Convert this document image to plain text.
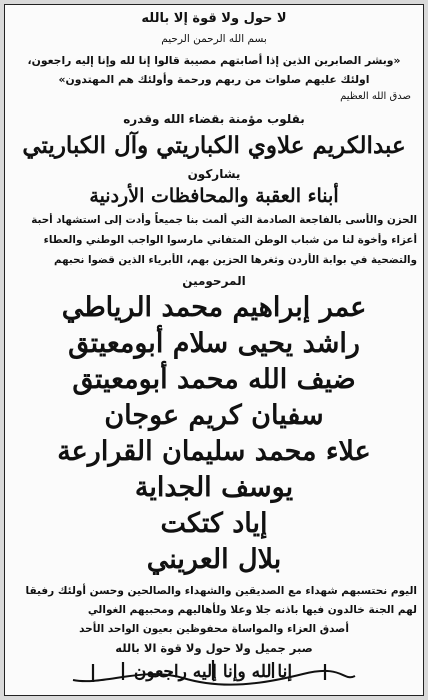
لا حول ولا قوة إلا بالله
بسم الله الرحمن الرحيم
«وبشر الصابرين الذين إذا أصابتهم مصيبة قالوا إنا لله وإنا إليه راجعون،
اولئك عليهم صلوات من ربهم ورحمة وأولئك هم المهتدون»
صدق الله العظيم
بقلوب مؤمنة بقضاء الله وقدره
عبدالكريم علاوي الكباريتي وآل الكباريتي
يشاركون
أبناء العقبة والمحافظات الأردنية
الحزن والأسى بالفاجعة الصادمة التي ألمت بنا جميعاً وأدت إلى استشهاد أحبة
أعزاء وأخوة لنا من شباب الوطن المتفاني مارسوا الواجب الوطني والعطاء
والتضحية في بوابة الأردن وثغرها الحزين بهم، الأبرياء الذين قضوا نحبهم
المرحومين
عمر إبراهيم محمد الرياطي
راشد يحيى سلام أبومعيتق
ضيف الله محمد أبومعيتق
سفيان كريم عوجان
علاء محمد سليمان القرارعة
يوسف الجداية
إياد كتكت
بلال العريني
اليوم نحتسبهم شهداء مع الصديقين والشهداء والصالحين وحسن أولئك رفيقا
لهم الجنة خالدون فيها باذنه جلا وعلا ولأهاليهم ومحبيهم الغوالي
أصدق العزاء والمواساة محفوظين بعيون الواحد الأحد
صبر جميل ولا حول ولا قوة الا بالله
إنا لله وإنا إليه راجعون
